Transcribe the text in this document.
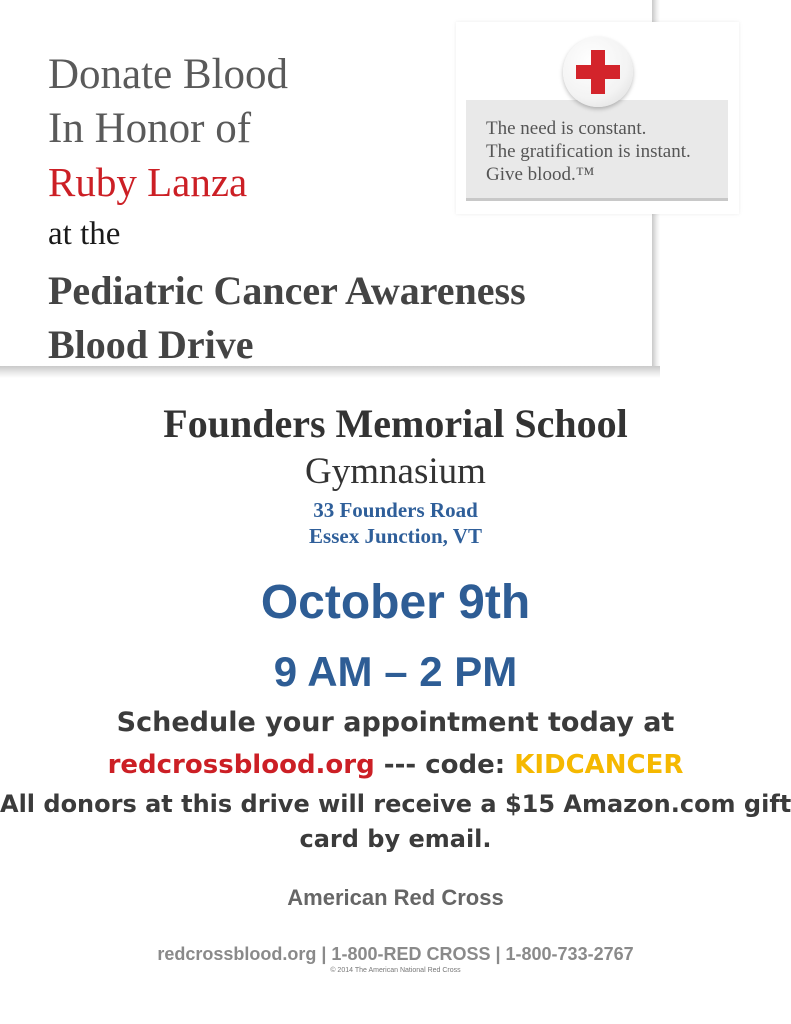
Donate Blood

In Honor of

Ruby Lanza

at the

Pediatric Cancer Awareness

Blood Drive

The need is constant.

The gratification is instant.

Give blood.™

Founders Memorial School

Gymnasium

33 Founders Road

Essex Junction, VT

October 9th

9 AM – 2 PM

Schedule your appointment today at

redcrossblood.org --- code: KIDCANCER

All donors at this drive will receive a $15 Amazon.com gift

card by email.

American Red Cross

redcrossblood.org | 1-800-RED CROSS | 1-800-733-2767

© 2014 The American National Red Cross
